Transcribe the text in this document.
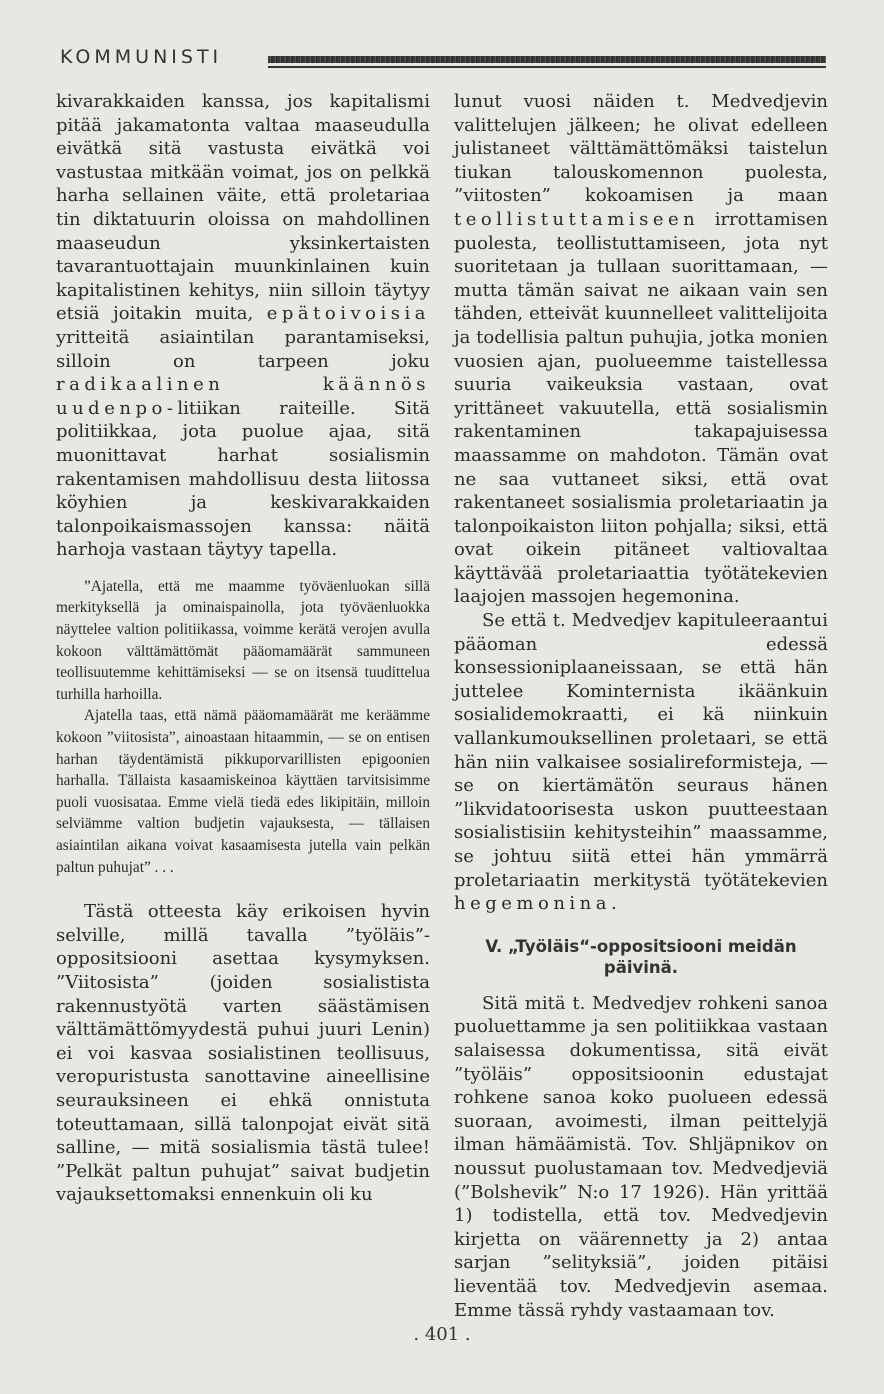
KOMMUNISTI

kivarakkaiden kanssa, jos kapitalismi pitää jakamatonta valtaa maaseudulla eivätkä sitä vastusta eivätkä voi vastustaa mitkään voimat, jos on pelkkä harha sellainen väite, että proletariaa tin diktatuurin oloissa on mahdollinen maaseudun yksinkertaisten tavarantuottajain muunkinlainen kuin kapitalistinen kehitys, niin silloin täytyy etsiä joitakin muita, epätoivoisia yritteitä asiaintilan parantamiseksi, silloin on tarpeen joku radikaalinen käännös uudenpo-litiikan raiteille. Sitä politiikkaa, jota puolue ajaa, sitä muonittavat harhat sosialismin rakentamisen mahdollisuu desta liitossa köyhien ja keskivarakkaiden talonpoikaismassojen kanssa: näitä harhoja vastaan täytyy tapella.

”Ajatella, että me maamme työväenluokan sillä merkityksellä ja ominaispainolla, jota työväenluokka näyttelee valtion politiikassa, voimme kerätä verojen avulla kokoon välttämättömät pääomamäärät sammuneen teollisuutemme kehittämiseksi — se on itsensä tuudittelua turhilla harhoilla.

Ajatella taas, että nämä pääomamäärät me keräämme kokoon ”viitosista”, ainoastaan hitaammin, — se on entisen harhan täydentämistä pikkuporvarillisten epigoonien harhalla. Tällaista kasaamiskeinoa käyttäen tarvitsisimme puoli vuosisataa. Emme vielä tiedä edes likipitäin, milloin selviämme valtion budjetin vajauksesta, — tällaisen asiaintilan aikana voivat kasaamisesta jutella vain pelkän paltun puhujat” . . .

Tästä otteesta käy erikoisen hyvin selville, millä tavalla ”työläis”-oppositsiooni asettaa kysymyksen. ”Viitosista” (joiden sosialistista rakennustyötä varten säästämisen välttämättömyydestä puhui juuri Lenin) ei voi kasvaa sosialistinen teollisuus, veropuristusta sanottavine aineellisine seurauksineen ei ehkä onnistuta toteuttamaan, sillä talonpojat eivät sitä salline, — mitä sosialismia tästä tulee! ”Pelkät paltun puhujat” saivat budjetin vajauksettomaksi ennenkuin oli ku

lunut vuosi näiden t. Medvedjevin valittelujen jälkeen; he olivat edelleen julistaneet välttämättömäksi taistelun tiukan talouskomennon puolesta, ”viitosten” kokoamisen ja maan teollistuttamiseen irrottamisen puolesta, teollistuttamiseen, jota nyt suoritetaan ja tullaan suorittamaan, — mutta tämän saivat ne aikaan vain sen tähden, etteivät kuunnelleet valittelijoita ja todellisia paltun puhujia, jotka monien vuosien ajan, puolueemme taistellessa suuria vaikeuksia vastaan, ovat yrittäneet vakuutella, että sosialismin rakentaminen takapajuisessa maassamme on mahdoton. Tämän ovat ne saa vuttaneet siksi, että ovat rakentaneet sosialismia proletariaatin ja talonpoikaiston liiton pohjalla; siksi, että ovat oikein pitäneet valtiovaltaa käyttävää proletariaattia työtätekevien laajojen massojen hegemonina.

Se että t. Medvedjev kapituleeraantui pääoman edessä konsessioniplaaneissaan, se että hän juttelee Kominternista ikäänkuin sosialidemokraatti, ei kä niinkuin vallankumouksellinen proletaari, se että hän niin valkaisee sosialireformisteja, — se on kiertämätön seuraus hänen ”likvidatoorisesta uskon puutteestaan sosialistisiin kehitysteihin” maassamme, se johtuu siitä ettei hän ymmärrä proletariaatin merkitystä työtätekevien hegemonina.

V. „Työläis“-oppositsiooni meidän päivinä.

Sitä mitä t. Medvedjev rohkeni sanoa puoluettamme ja sen politiikkaa vastaan salaisessa dokumentissa, sitä eivät ”työläis” oppositsioonin edustajat rohkene sanoa koko puolueen edessä suoraan, avoimesti, ilman peittelyjä ilman hämäämistä. Tov. Shljäpnikov on noussut puolustamaan tov. Medvedjeviä (”Bolshevik” N:o 17 1926). Hän yrittää 1) todistella, että tov. Medvedjevin kirjetta on väärennetty ja 2) antaa sarjan ”selityksiä”, joiden pitäisi lieventää tov. Medvedjevin asemaa. Emme tässä ryhdy vastaamaan tov.

. 401 .
